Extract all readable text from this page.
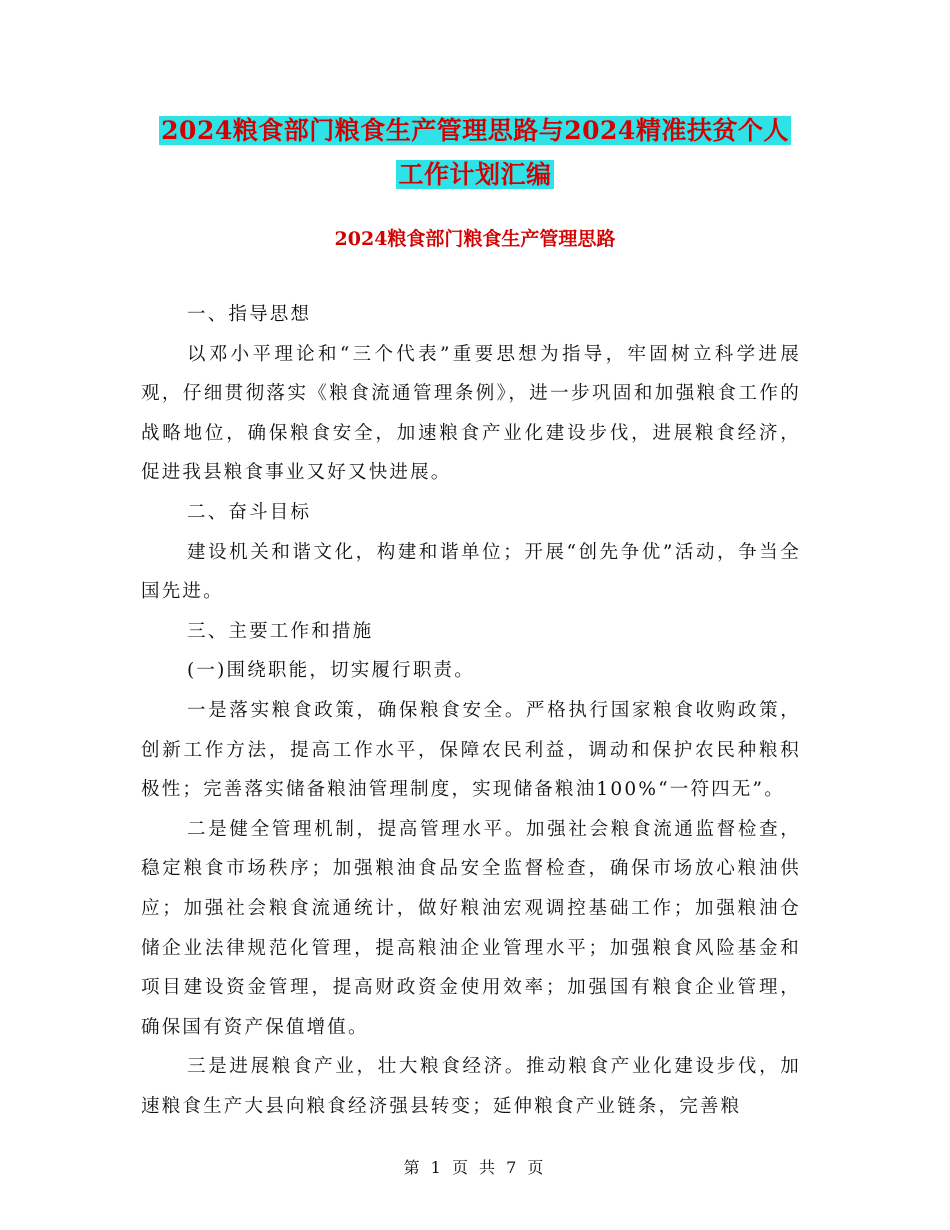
2024粮食部门粮食生产管理思路与2024精准扶贫个人
工作计划汇编
2024粮食部门粮食生产管理思路

一、指导思想

以邓小平理论和“三个代表”重要思想为指导，牢固树立科学进展观，仔细贯彻落实《粮食流通管理条例》，进一步巩固和加强粮食工作的战略地位，确保粮食安全，加速粮食产业化建设步伐，进展粮食经济，促进我县粮食事业又好又快进展。

二、奋斗目标

建设机关和谐文化，构建和谐单位；开展“创先争优”活动，争当全国先进。

三、主要工作和措施

(一)围绕职能，切实履行职责。

一是落实粮食政策，确保粮食安全。严格执行国家粮食收购政策，创新工作方法，提高工作水平，保障农民利益，调动和保护农民种粮积极性；完善落实储备粮油管理制度，实现储备粮油100%“一符四无”。

二是健全管理机制，提高管理水平。加强社会粮食流通监督检查，稳定粮食市场秩序；加强粮油食品安全监督检查，确保市场放心粮油供应；加强社会粮食流通统计，做好粮油宏观调控基础工作；加强粮油仓储企业法律规范化管理，提高粮油企业管理水平；加强粮食风险基金和项目建设资金管理，提高财政资金使用效率；加强国有粮食企业管理，确保国有资产保值增值。

三是进展粮食产业，壮大粮食经济。推动粮食产业化建设步伐，加速粮食生产大县向粮食经济强县转变；延伸粮食产业链条，完善粮

第 1 页 共 7 页
